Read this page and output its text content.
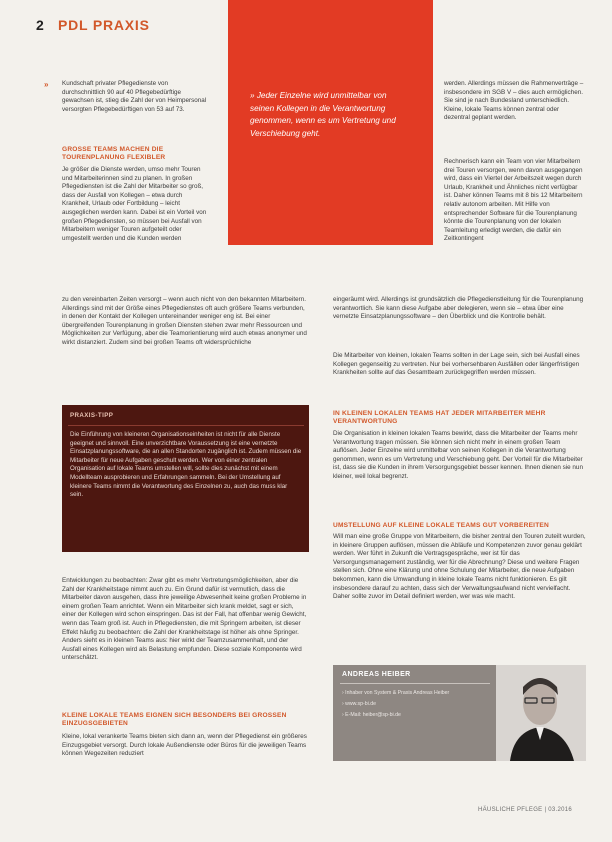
2 PDL PRAXIS
» Jeder Einzelne wird unmittelbar von seinen Kollegen in die Verantwortung genommen, wenn es um Vertretung und Verschiebung geht.
» Kundschaft privater Pflegedienste von durchschnittlich 90 auf 40 Pflegebedürftige gewachsen ist, stieg die Zahl der von Heimpersonal versorgten Pflegebedürftigen von 53 auf 73.
GROSSE TEAMS MACHEN DIE TOURENPLANUNG FLEXIBLER
Je größer die Dienste werden, umso mehr Touren und Mitarbeiterinnen sind zu planen. In großen Pflegediensten ist die Zahl der Mitarbeiter so groß, dass der Ausfall von Kollegen – etwa durch Krankheit, Urlaub oder Fortbildung – leicht ausgeglichen werden kann. Dabei ist ein Vorteil von großen Pflegediensten, so müssen bei Ausfall von Mitarbeitern weniger Touren aufgeteilt oder umgestellt werden und die Kunden werden
zu den vereinbarten Zeiten versorgt – wenn auch nicht von den bekannten Mitarbeitern. Allerdings sind mit der Größe eines Pflegedienstes oft auch größere Teams verbunden, in denen der Kontakt der Kollegen untereinander weniger eng ist. Bei einer übergreifenden Tourenplanung in großen Diensten stehen zwar mehr Ressourcen und Möglichkeiten zur Verfügung, aber die Teamorientierung wird auch etwas anonymer und wirkt distanziert. Zudem sind bei großen Teams oft widersprüchliche
werden. Allerdings müssen die Rahmenverträge – insbesondere im SGB V – dies auch ermöglichen. Sie sind je nach Bundesland unterschiedlich. Kleine, lokale Teams können zentral oder dezentral geplant werden.
Rechnerisch kann ein Team von vier Mitarbeitern drei Touren versorgen, wenn davon ausgegangen wird, dass ein Viertel der Arbeitszeit wegen durch Urlaub, Krankheit und Ähnliches nicht verfügbar ist. Daher können Teams mit 8 bis 12 Mitarbeitern relativ autonom arbeiten. Mit Hilfe von entsprechender Software für die Tourenplanung könnte die Tourenplanung von der lokalen Teamleitung erledigt werden, die dafür ein Zeitkontingent
eingeräumt wird. Allerdings ist grundsätzlich die Pflegedienstleitung für die Tourenplanung verantwortlich. Sie kann diese Aufgabe aber delegieren, wenn sie – etwa über eine vernetzte Einsatzplanungssoftware – den Überblick und die Kontrolle behält.
Die Mitarbeiter von kleinen, lokalen Teams sollten in der Lage sein, sich bei Ausfall eines Kollegen gegenseitig zu vertreten. Nur bei vorhersehbaren Ausfällen oder längerfristigen Krankheiten sollte auf das Gesamtteam zurückgegriffen werden müssen.
PRAXIS-TIPP
Die Einführung von kleineren Organisationseinheiten ist nicht für alle Dienste geeignet und sinnvoll. Eine unverzichtbare Voraussetzung ist eine vernetzte Einsatzplanungssoftware, die an allen Standorten zugänglich ist. Zudem müssen die Mitarbeiter für neue Aufgaben geschult werden. Wer von einer zentralen Organisation auf lokale Teams umstellen will, sollte dies zunächst mit einem Modellteam ausprobieren und Erfahrungen sammeln. Bei der Umstellung auf kleinere Teams nimmt die Verantwortung des Einzelnen zu, auch das muss klar sein.
IN KLEINEN LOKALEN TEAMS HAT JEDER MITARBEITER MEHR VERANTWORTUNG
Die Organisation in kleinen lokalen Teams bewirkt, dass die Mitarbeiter der Teams mehr Verantwortung tragen müssen. Sie können sich nicht mehr in einem großen Team auflösen. Jeder Einzelne wird unmittelbar von seinen Kollegen in die Verantwortung genommen, wenn es um Vertretung und Verschiebung geht. Der Vorteil für die Mitarbeiter ist, dass sie die Kunden in ihrem Versorgungsgebiet besser kennen. Ihnen dienen sie nun kleiner, weil lokal begrenzt.
UMSTELLUNG AUF KLEINE LOKALE TEAMS GUT VORBEREITEN
Will man eine große Gruppe von Mitarbeitern, die bisher zentral den Touren zuteilt wurden, in kleinere Gruppen auflösen, müssen die Abläufe und Kompetenzen zuvor genau geklärt werden. Wer führt in Zukunft die Vertragsgespräche, wer ist für das Versorgungsmanagement zuständig, wer für die Abrechnung? Diese und weitere Fragen stellen sich. Ohne eine Klärung und ohne Schulung der Mitarbeiter, die neue Aufgaben bekommen, kann die Umwandlung in kleine lokale Teams nicht funktionieren. Es gilt insbesondere darauf zu achten, dass sich der Verwaltungsaufwand nicht vervielfacht. Daher sollte zuvor im Detail definiert werden, wer was wie macht.
Entwicklungen zu beobachten: Zwar gibt es mehr Vertretungsmöglichkeiten, aber die Zahl der Krankheitstage nimmt auch zu. Ein Grund dafür ist vermutlich, dass die Mitarbeiter davon ausgehen, dass ihre jeweilige Abwesenheit keine großen Probleme in einem großen Team anrichtet. Wenn ein Mitarbeiter sich krank meldet, sagt er sich, einer der Kollegen wird schon einspringen. Das ist der Fall, hat offenbar wenig Gewicht, wenn das Team groß ist. Auch in Pflegediensten, die mit Springern arbeiten, ist dieser Effekt häufig zu beobachten: die Zahl der Krankheitstage ist höher als ohne Springer. Anders sieht es in kleinen Teams aus: hier wirkt der Teamzusammenhalt, und der Ausfall eines Kollegen wird als Belastung empfunden. Diese soziale Komponente wird unterschätzt.
KLEINE LOKALE TEAMS EIGNEN SICH BESONDERS BEI GROSSEN EINZUGSGEBIETEN
Kleine, lokal verankerte Teams bieten sich dann an, wenn der Pflegedienst ein größeres Einzugsgebiet versorgt. Durch lokale Außendienste oder Büros für die jeweiligen Teams können Wegezeiten reduziert
ANDREAS HEIBER
› Inhaber von System & Praxis Andreas Heiber
› www.sp-bi.de
› E-Mail: heiber@sp-bi.de
HÄUSLICHE PFLEGE | 03.2016
